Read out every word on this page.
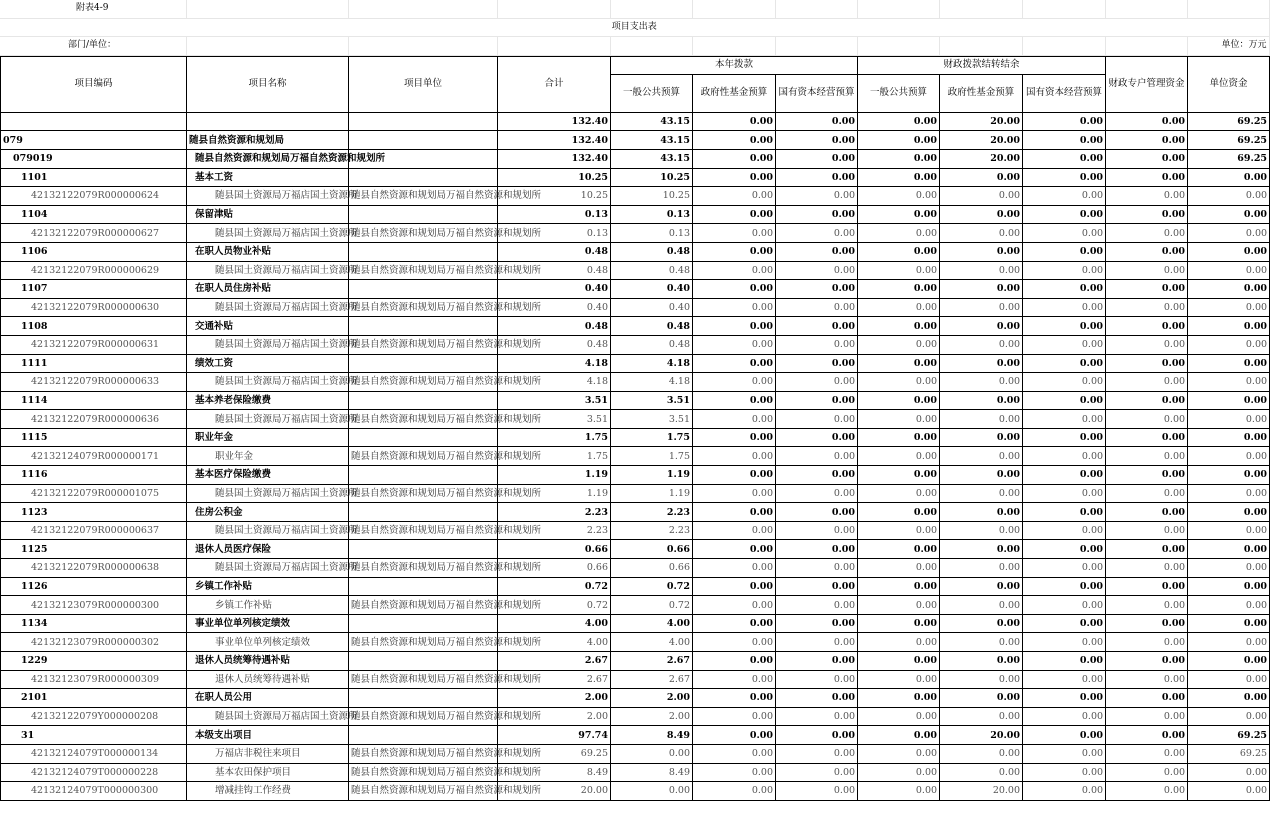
附表4-9											
项目支出表											
部门/单位：											单位：万元
项目编码	项目名称	项目单位	合计	本年拨款			财政拨款结转结余			财政专户管理资金	单位资金
				一般公共预算	政府性基金预算	国有资本经营预算	一般公共预算	政府性基金预算	国有资本经营预算		
			132.40	43.15	0.00	0.00	0.00	20.00	0.00	0.00	69.25
079	随县自然资源和规划局		132.40	43.15	0.00	0.00	0.00	20.00	0.00	0.00	69.25
079019	随县自然资源和规划局万福自然资源和规划所		132.40	43.15	0.00	0.00	0.00	20.00	0.00	0.00	69.25
1101	基本工资		10.25	10.25	0.00	0.00	0.00	0.00	0.00	0.00	0.00
42132122079R000000624	随县国土资源局万福店国土资源所	随县自然资源和规划局万福自然资源和规划所	10.25	10.25	0.00	0.00	0.00	0.00	0.00	0.00	0.00
1104	保留津贴		0.13	0.13	0.00	0.00	0.00	0.00	0.00	0.00	0.00
42132122079R000000627	随县国土资源局万福店国土资源所	随县自然资源和规划局万福自然资源和规划所	0.13	0.13	0.00	0.00	0.00	0.00	0.00	0.00	0.00
1106	在职人员物业补贴		0.48	0.48	0.00	0.00	0.00	0.00	0.00	0.00	0.00
42132122079R000000629	随县国土资源局万福店国土资源所	随县自然资源和规划局万福自然资源和规划所	0.48	0.48	0.00	0.00	0.00	0.00	0.00	0.00	0.00
1107	在职人员住房补贴		0.40	0.40	0.00	0.00	0.00	0.00	0.00	0.00	0.00
42132122079R000000630	随县国土资源局万福店国土资源所	随县自然资源和规划局万福自然资源和规划所	0.40	0.40	0.00	0.00	0.00	0.00	0.00	0.00	0.00
1108	交通补贴		0.48	0.48	0.00	0.00	0.00	0.00	0.00	0.00	0.00
42132122079R000000631	随县国土资源局万福店国土资源所	随县自然资源和规划局万福自然资源和规划所	0.48	0.48	0.00	0.00	0.00	0.00	0.00	0.00	0.00
1111	绩效工资		4.18	4.18	0.00	0.00	0.00	0.00	0.00	0.00	0.00
42132122079R000000633	随县国土资源局万福店国土资源所	随县自然资源和规划局万福自然资源和规划所	4.18	4.18	0.00	0.00	0.00	0.00	0.00	0.00	0.00
1114	基本养老保险缴费		3.51	3.51	0.00	0.00	0.00	0.00	0.00	0.00	0.00
42132122079R000000636	随县国土资源局万福店国土资源所	随县自然资源和规划局万福自然资源和规划所	3.51	3.51	0.00	0.00	0.00	0.00	0.00	0.00	0.00
1115	职业年金		1.75	1.75	0.00	0.00	0.00	0.00	0.00	0.00	0.00
42132124079R000000171	职业年金	随县自然资源和规划局万福自然资源和规划所	1.75	1.75	0.00	0.00	0.00	0.00	0.00	0.00	0.00
1116	基本医疗保险缴费		1.19	1.19	0.00	0.00	0.00	0.00	0.00	0.00	0.00
42132122079R000001075	随县国土资源局万福店国土资源所	随县自然资源和规划局万福自然资源和规划所	1.19	1.19	0.00	0.00	0.00	0.00	0.00	0.00	0.00
1123	住房公积金		2.23	2.23	0.00	0.00	0.00	0.00	0.00	0.00	0.00
42132122079R000000637	随县国土资源局万福店国土资源所	随县自然资源和规划局万福自然资源和规划所	2.23	2.23	0.00	0.00	0.00	0.00	0.00	0.00	0.00
1125	退休人员医疗保险		0.66	0.66	0.00	0.00	0.00	0.00	0.00	0.00	0.00
42132122079R000000638	随县国土资源局万福店国土资源所	随县自然资源和规划局万福自然资源和规划所	0.66	0.66	0.00	0.00	0.00	0.00	0.00	0.00	0.00
1126	乡镇工作补贴		0.72	0.72	0.00	0.00	0.00	0.00	0.00	0.00	0.00
42132123079R000000300	乡镇工作补贴	随县自然资源和规划局万福自然资源和规划所	0.72	0.72	0.00	0.00	0.00	0.00	0.00	0.00	0.00
1134	事业单位单列核定绩效		4.00	4.00	0.00	0.00	0.00	0.00	0.00	0.00	0.00
42132123079R000000302	事业单位单列核定绩效	随县自然资源和规划局万福自然资源和规划所	4.00	4.00	0.00	0.00	0.00	0.00	0.00	0.00	0.00
1229	退休人员统筹待遇补贴		2.67	2.67	0.00	0.00	0.00	0.00	0.00	0.00	0.00
42132123079R000000309	退休人员统筹待遇补贴	随县自然资源和规划局万福自然资源和规划所	2.67	2.67	0.00	0.00	0.00	0.00	0.00	0.00	0.00
2101	在职人员公用		2.00	2.00	0.00	0.00	0.00	0.00	0.00	0.00	0.00
42132122079Y000000208	随县国土资源局万福店国土资源所	随县自然资源和规划局万福自然资源和规划所	2.00	2.00	0.00	0.00	0.00	0.00	0.00	0.00	0.00
31	本级支出项目		97.74	8.49	0.00	0.00	0.00	20.00	0.00	0.00	69.25
42132124079T000000134	万福店非税往来项目	随县自然资源和规划局万福自然资源和规划所	69.25	0.00	0.00	0.00	0.00	0.00	0.00	0.00	69.25
42132124079T000000228	基本农田保护项目	随县自然资源和规划局万福自然资源和规划所	8.49	8.49	0.00	0.00	0.00	0.00	0.00	0.00	0.00
42132124079T000000300	增减挂钩工作经费	随县自然资源和规划局万福自然资源和规划所	20.00	0.00	0.00	0.00	0.00	20.00	0.00	0.00	0.00
